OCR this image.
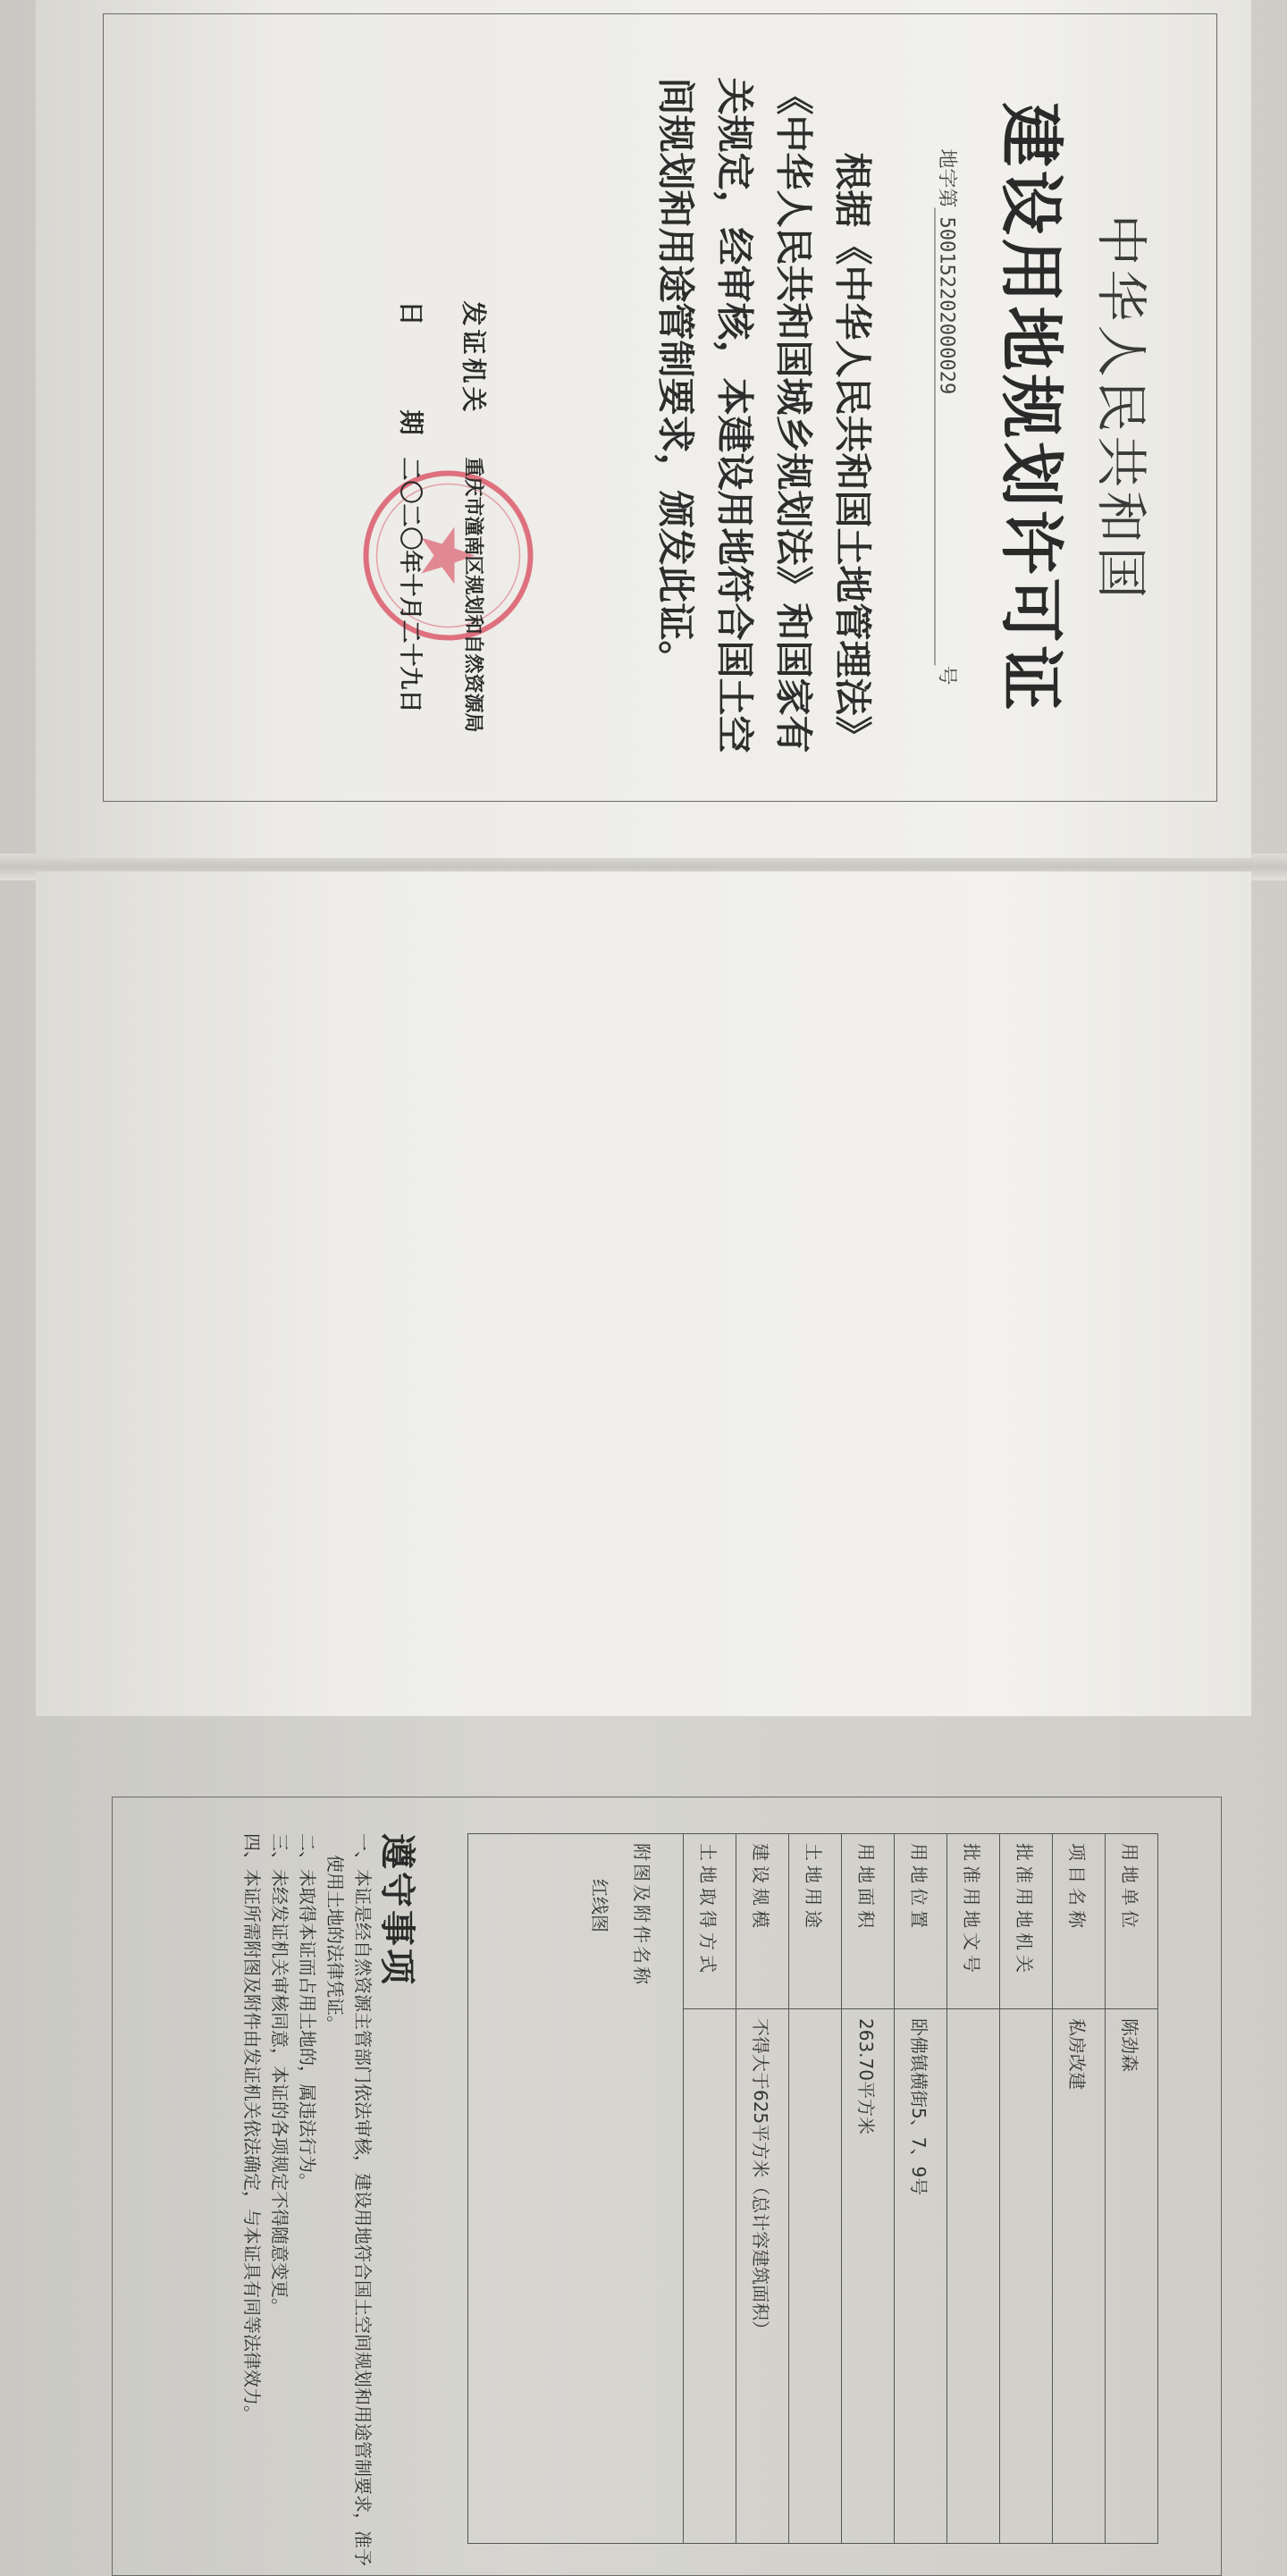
中华人民共和国
建设用地规划许可证
地字第
500152202000029
号
根据《中华人民共和国土地管理法》《中华人民共和国城乡规划法》和国家有关规定，经审核，本建设用地符合国土空间规划和用途管制要求，颁发此证。
发证机关
重庆市潼南区规划和自然资源局
日
期
二〇二〇年十月二十九日
用地单位	陈劲森
项目名称	私房改建
批准用地机关	
批准用地文号	
用地位置	卧佛镇横街5、7、9号
用地面积	263.70平方米
土地用途	
建设规模	不得大于625平方米（总计容建筑面积）
土地取得方式	

附图及附件名称
红线图	
遵守事项
一、本证是经自然资源主管部门依法审核，建设用地符合国土空间规划和用途管制要求，准予使用土地的法律凭证。
二、未取得本证而占用土地的，属违法行为。
三、未经发证机关审核同意，本证的各项规定不得随意变更。
四、本证所需附图及附件由发证机关依法确定，与本证具有同等法律效力。
